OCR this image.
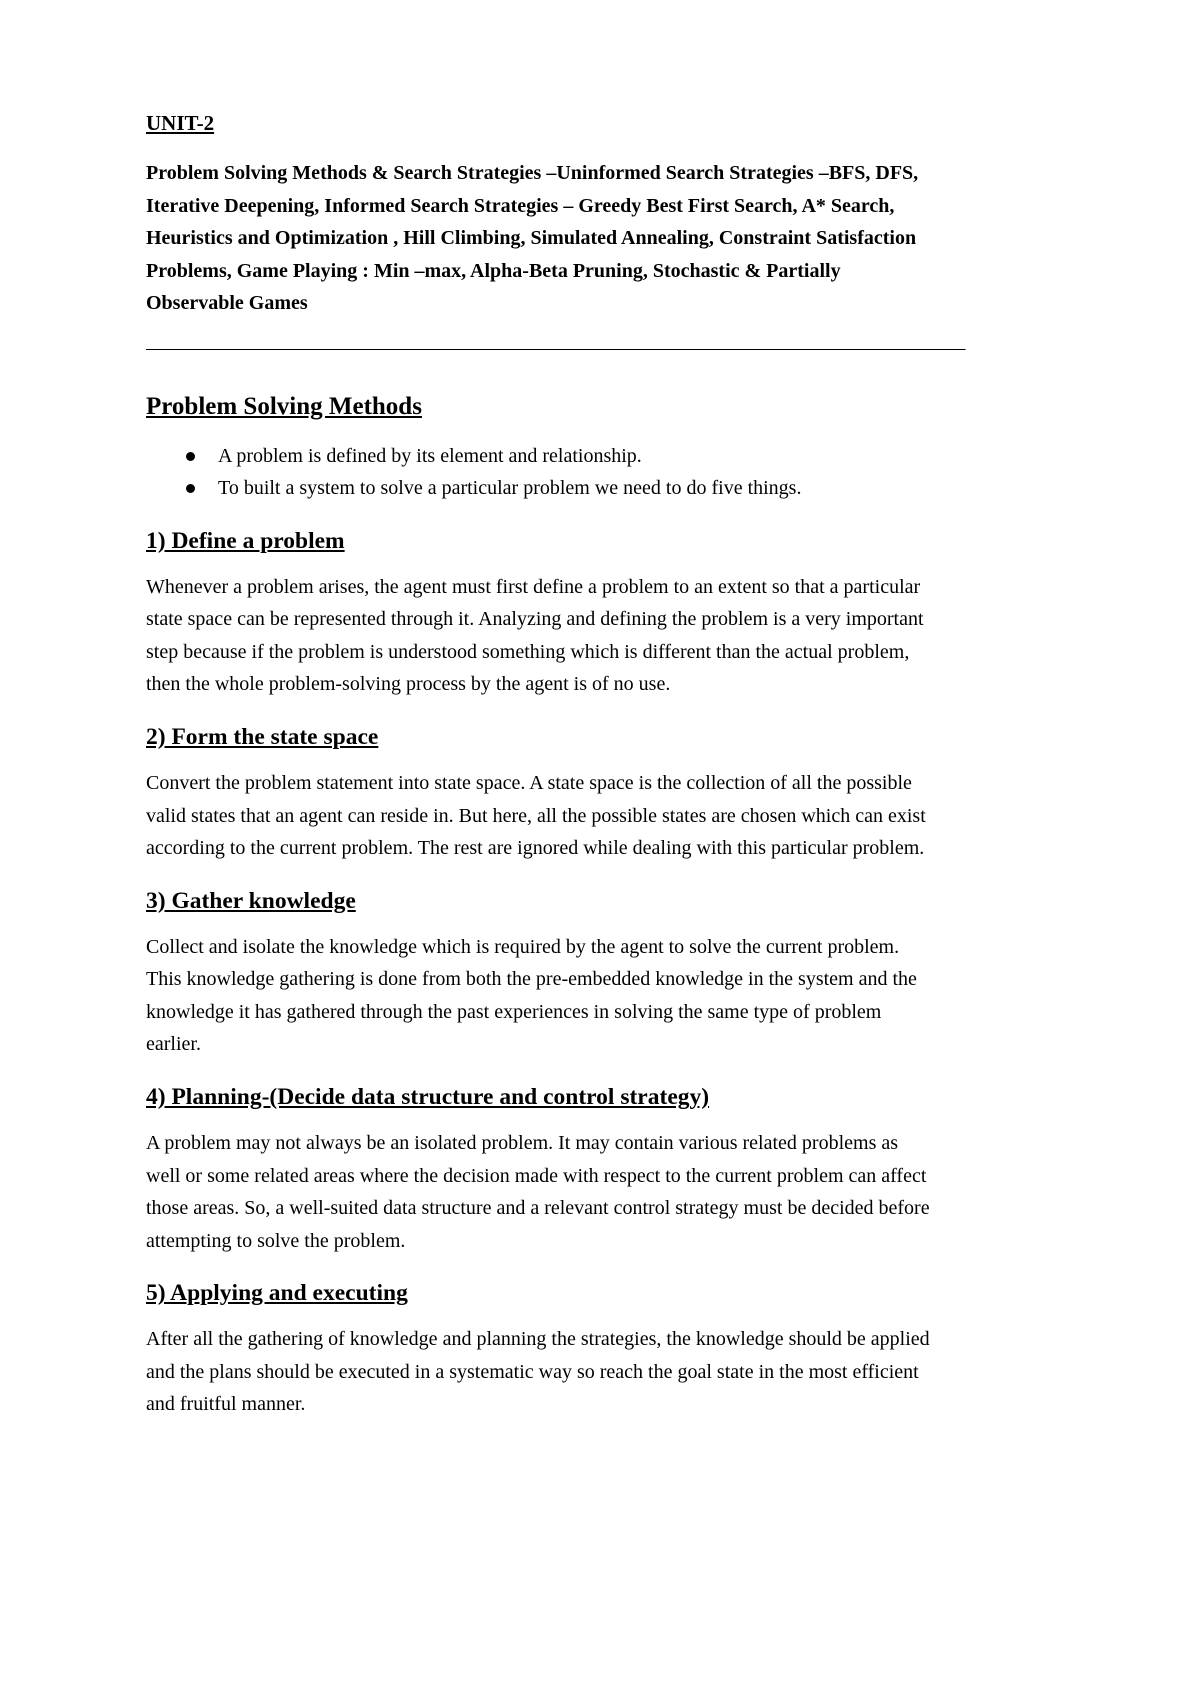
UNIT-2
Problem Solving Methods & Search Strategies –Uninformed Search Strategies –BFS, DFS,
Iterative Deepening, Informed Search Strategies – Greedy Best First Search, A* Search,
Heuristics and Optimization , Hill Climbing, Simulated Annealing, Constraint Satisfaction
Problems, Game Playing : Min –max, Alpha-Beta Pruning, Stochastic & Partially
Observable Games
——————————————————————————————————————————
Problem Solving Methods
A problem is defined by its element and relationship.
To built a system to solve a particular problem we need to do five things.
1) Define a problem
Whenever a problem arises, the agent must first define a problem to an extent so that a particular
state space can be represented through it. Analyzing and defining the problem is a very important
step because if the problem is understood something which is different than the actual problem,
then the whole problem-solving process by the agent is of no use.
2) Form the state space
Convert the problem statement into state space. A state space is the collection of all the possible
valid states that an agent can reside in. But here, all the possible states are chosen which can exist
according to the current problem. The rest are ignored while dealing with this particular problem.
3) Gather knowledge
Collect and isolate the knowledge which is required by the agent to solve the current problem.
This knowledge gathering is done from both the pre-embedded knowledge in the system and the
knowledge it has gathered through the past experiences in solving the same type of problem
earlier.
4) Planning-(Decide data structure and control strategy)
A problem may not always be an isolated problem. It may contain various related problems as
well or some related areas where the decision made with respect to the current problem can affect
those areas. So, a well-suited data structure and a relevant control strategy must be decided before
attempting to solve the problem.
5) Applying and executing
After all the gathering of knowledge and planning the strategies, the knowledge should be applied
and the plans should be executed in a systematic way so reach the goal state in the most efficient
and fruitful manner.
